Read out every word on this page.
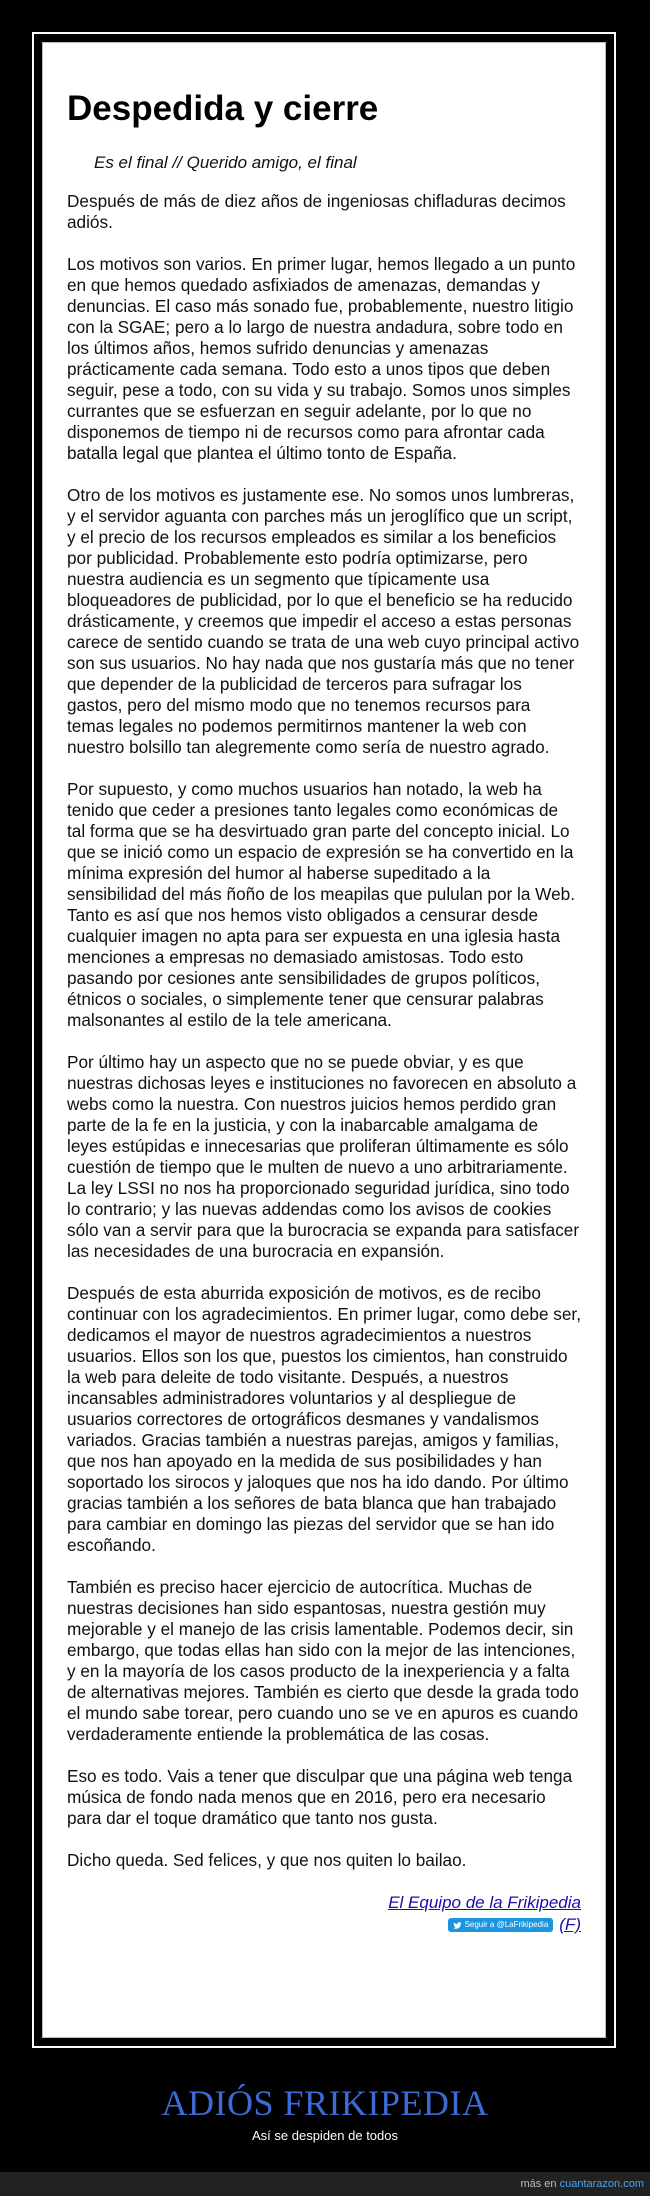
Despedida y cierre
Es el final // Querido amigo, el final

Después de más de diez años de ingeniosas chifladuras decimos adiós.

Los motivos son varios. En primer lugar, hemos llegado a un punto en que hemos quedado asfixiados de amenazas, demandas y denuncias. El caso más sonado fue, probablemente, nuestro litigio con la SGAE; pero a lo largo de nuestra andadura, sobre todo en los últimos años, hemos sufrido denuncias y amenazas prácticamente cada semana. Todo esto a unos tipos que deben seguir, pese a todo, con su vida y su trabajo. Somos unos simples currantes que se esfuerzan en seguir adelante, por lo que no disponemos de tiempo ni de recursos como para afrontar cada batalla legal que plantea el último tonto de España.

Otro de los motivos es justamente ese. No somos unos lumbreras, y el servidor aguanta con parches más un jeroglífico que un script, y el precio de los recursos empleados es similar a los beneficios por publicidad. Probablemente esto podría optimizarse, pero nuestra audiencia es un segmento que típicamente usa bloqueadores de publicidad, por lo que el beneficio se ha reducido drásticamente, y creemos que impedir el acceso a estas personas carece de sentido cuando se trata de una web cuyo principal activo son sus usuarios. No hay nada que nos gustaría más que no tener que depender de la publicidad de terceros para sufragar los gastos, pero del mismo modo que no tenemos recursos para temas legales no podemos permitirnos mantener la web con nuestro bolsillo tan alegremente como sería de nuestro agrado.

Por supuesto, y como muchos usuarios han notado, la web ha tenido que ceder a presiones tanto legales como económicas de tal forma que se ha desvirtuado gran parte del concepto inicial. Lo que se inició como un espacio de expresión se ha convertido en la mínima expresión del humor al haberse supeditado a la sensibilidad del más ñoño de los meapilas que pululan por la Web. Tanto es así que nos hemos visto obligados a censurar desde cualquier imagen no apta para ser expuesta en una iglesia hasta menciones a empresas no demasiado amistosas. Todo esto pasando por cesiones ante sensibilidades de grupos políticos, étnicos o sociales, o simplemente tener que censurar palabras malsonantes al estilo de la tele americana.

Por último hay un aspecto que no se puede obviar, y es que nuestras dichosas leyes e instituciones no favorecen en absoluto a webs como la nuestra. Con nuestros juicios hemos perdido gran parte de la fe en la justicia, y con la inabarcable amalgama de leyes estúpidas e innecesarias que proliferan últimamente es sólo cuestión de tiempo que le multen de nuevo a uno arbitrariamente. La ley LSSI no nos ha proporcionado seguridad jurídica, sino todo lo contrario; y las nuevas addendas como los avisos de cookies sólo van a servir para que la burocracia se expanda para satisfacer las necesidades de una burocracia en expansión.

Después de esta aburrida exposición de motivos, es de recibo continuar con los agradecimientos. En primer lugar, como debe ser, dedicamos el mayor de nuestros agradecimientos a nuestros usuarios. Ellos son los que, puestos los cimientos, han construido la web para deleite de todo visitante. Después, a nuestros incansables administradores voluntarios y al despliegue de usuarios correctores de ortográfic​os desmanes y vandalismos variados. Gracias también a nuestras parejas, amigos y familias, que nos han apoyado en la medida de sus posibilidades y han soportado los sirocos y jaloques que nos ha ido dando. Por último gracias también a los señores de bata blanca que han trabajado para cambiar en domingo las piezas del servidor que se han ido escoñando.

También es preciso hacer ejercicio de autocrítica. Muchas de nuestras decisiones han sido espantosas, nuestra gestión muy mejorable y el manejo de las crisis lamentable. Podemos decir, sin embargo, que todas ellas han sido con la mejor de las intenciones, y en la mayoría de los casos producto de la inexperiencia y a falta de alternativas mejores. También es cierto que desde la grada todo el mundo sabe torear, pero cuando uno se ve en apuros es cuando verdaderamente entiende la problemática de las cosas.

Eso es todo. Vais a tener que disculpar que una página web tenga música de fondo nada menos que en 2016, pero era necesario para dar el toque dramático que tanto nos gusta.

Dicho queda. Sed felices, y que nos quiten lo bailao.

El Equipo de la Frikipedia
Seguir a @LaFrikipedia (F)
ADIÓS FRIKIPEDIA
Así se despiden de todos
más en cuantarazon.com
